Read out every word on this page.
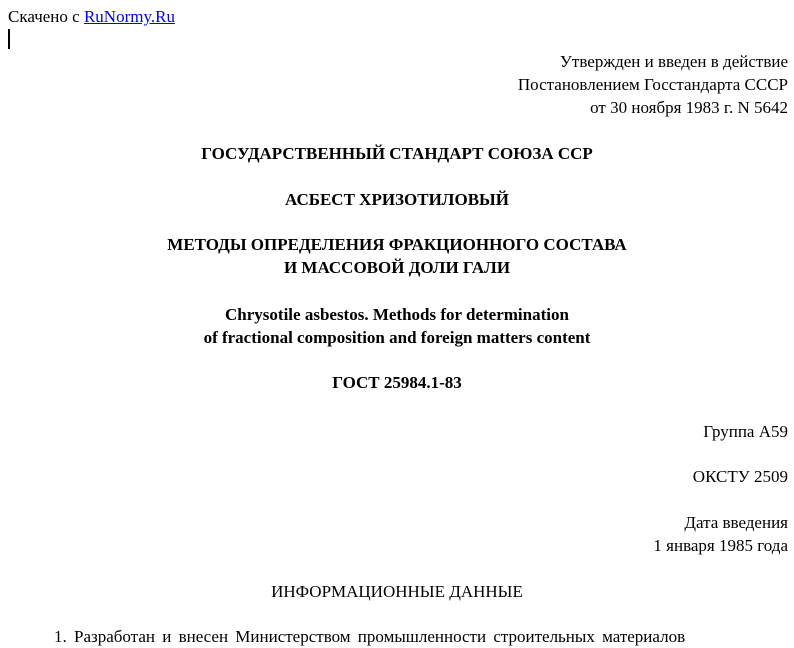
Скачено с RuNormy.Ru
Утвержден и введен в действие
Постановлением Госстандарта СССР
от 30 ноября 1983 г. N 5642
ГОСУДАРСТВЕННЫЙ СТАНДАРТ СОЮЗА ССР
АСБЕСТ ХРИЗОТИЛОВЫЙ
МЕТОДЫ ОПРЕДЕЛЕНИЯ ФРАКЦИОННОГО СОСТАВА
И МАССОВОЙ ДОЛИ ГАЛИ
Chrysotile asbestos. Methods for determination
of fractional composition and foreign matters content
ГОСТ 25984.1-83
Группа А59
ОКСТУ 2509
Дата введения
1 января 1985 года
ИНФОРМАЦИОННЫЕ ДАННЫЕ
1. Разработан и внесен Министерством промышленности строительных материалов
